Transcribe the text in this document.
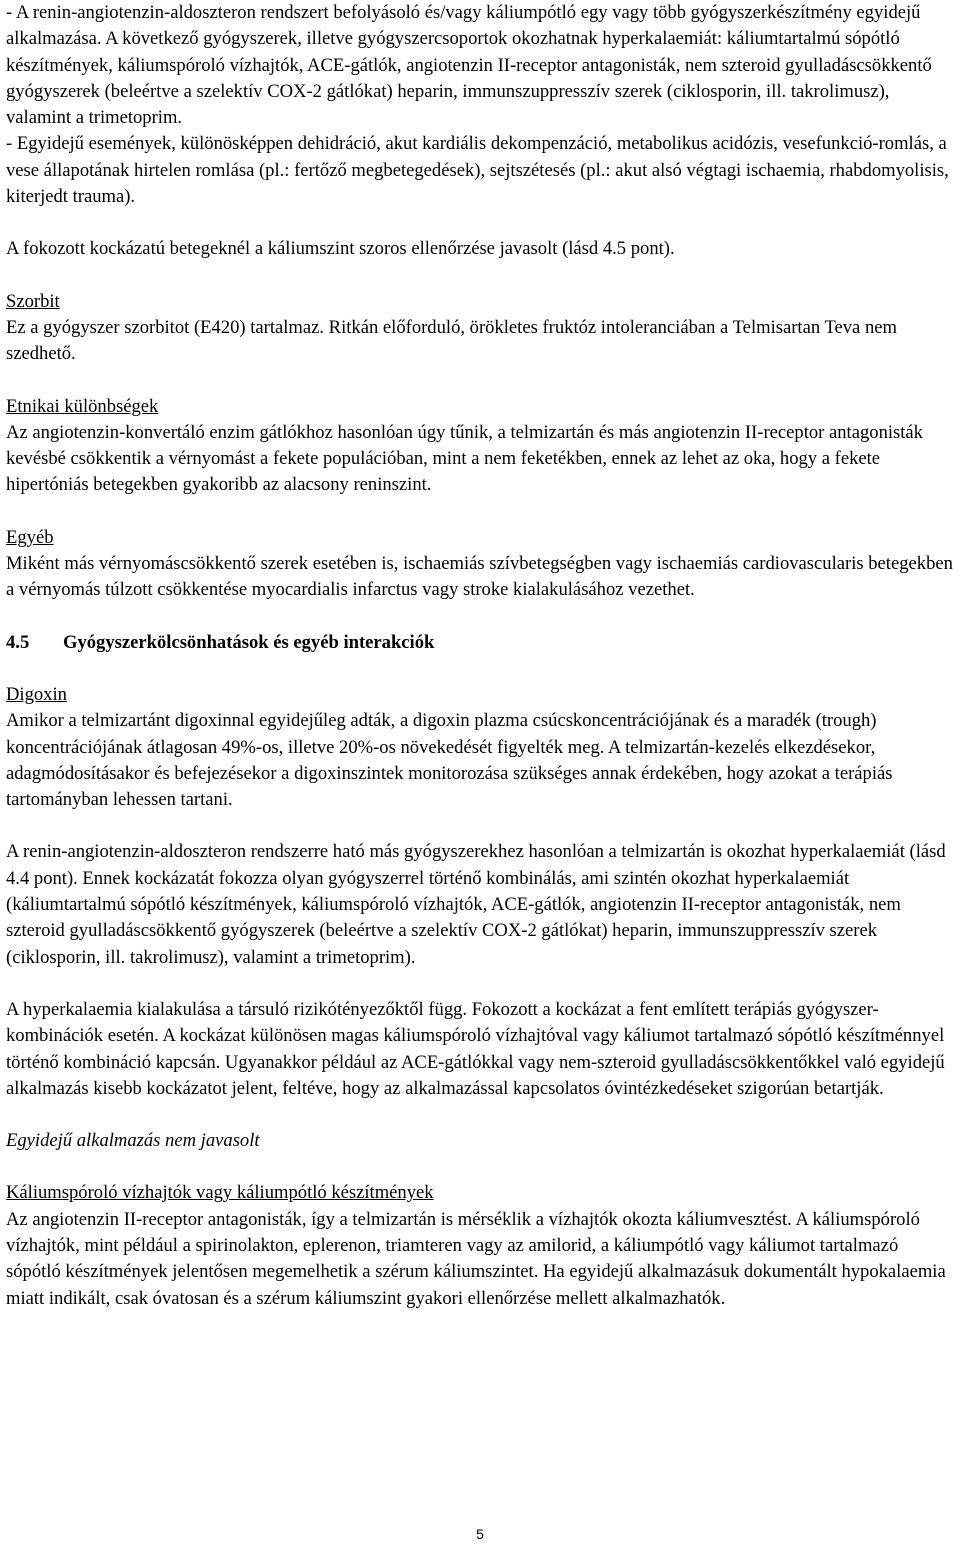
- A renin-angiotenzin-aldoszteron rendszert befolyásoló és/vagy káliumpótló egy vagy több gyógyszerkészítmény egyidejű alkalmazása. A következő gyógyszerek, illetve gyógyszercsoportok okozhatnak hyperkalaemiát: káliumtartalmú sópótló készítmények, káliumspóroló vízhajtók, ACE-gátlók, angiotenzin II-receptor antagonisták, nem szteroid gyulladáscsökkentő gyógyszerek (beleértve a szelektív COX-2 gátlókat) heparin, immunszuppresszív szerek (ciklosporin, ill. takrolimusz), valamint a trimetoprim.

- Egyidejű események, különösképpen dehidráció, akut kardiális dekompenzáció, metabolikus acidózis, vesefunkció-romlás, a vese állapotának hirtelen romlása (pl.: fertőző megbetegedések), sejtszétesés (pl.: akut alsó végtagi ischaemia, rhabdomyolisis, kiterjedt trauma).

A fokozott kockázatú betegeknél a káliumszint szoros ellenőrzése javasolt (lásd 4.5 pont).

Szorbit

Ez a gyógyszer szorbitot (E420) tartalmaz. Ritkán előforduló, örökletes fruktóz intoleranciában a Telmisartan Teva nem szedhető.

Etnikai különbségek

Az angiotenzin-konvertáló enzim gátlókhoz hasonlóan úgy tűnik, a telmizartán és más angiotenzin II-receptor antagonisták kevésbé csökkentik a vérnyomást a fekete populációban, mint a nem feketékben, ennek az lehet az oka, hogy a fekete hipertóniás betegekben gyakoribb az alacsony reninszint.

Egyéb

Miként más vérnyomáscsökkentő szerek esetében is, ischaemiás szívbetegségben vagy ischaemiás cardiovascularis betegekben a vérnyomás túlzott csökkentése myocardialis infarctus vagy stroke kialakulásához vezethet.

4.5 Gyógyszerkölcsönhatások és egyéb interakciók

Digoxin

Amikor a telmizartánt digoxinnal egyidejűleg adták, a digoxin plazma csúcskoncentrációjának és a maradék (trough) koncentrációjának átlagosan 49%-os, illetve 20%-os növekedését figyelték meg. A telmizartán-kezelés elkezdésekor, adagmódosításakor és befejezésekor a digoxinszintek monitorozása szükséges annak érdekében, hogy azokat a terápiás tartományban lehessen tartani.

A renin-angiotenzin-aldoszteron rendszerre ható más gyógyszerekhez hasonlóan a telmizartán is okozhat hyperkalaemiát (lásd 4.4 pont). Ennek kockázatát fokozza olyan gyógyszerrel történő kombinálás, ami szintén okozhat hyperkalaemiát (káliumtartalmú sópótló készítmények, káliumspóroló vízhajtók, ACE-gátlók, angiotenzin II-receptor antagonisták, nem szteroid gyulladáscsökkentő gyógyszerek (beleértve a szelektív COX-2 gátlókat) heparin, immunszuppresszív szerek (ciklosporin, ill. takrolimusz), valamint a trimetoprim).

A hyperkalaemia kialakulása a társuló rizikótényezőktől függ. Fokozott a kockázat a fent említett terápiás gyógyszer-kombinációk esetén. A kockázat különösen magas káliumspóroló vízhajtóval vagy káliumot tartalmazó sópótló készítménnyel történő kombináció kapcsán. Ugyanakkor például az ACE-gátlókkal vagy nem-szteroid gyulladáscsökkentőkkel való egyidejű alkalmazás kisebb kockázatot jelent, feltéve, hogy az alkalmazással kapcsolatos óvintézkedéseket szigorúan betartják.

Egyidejű alkalmazás nem javasolt

Káliumspóroló vízhajtók vagy káliumpótló készítmények

Az angiotenzin II-receptor antagonisták, így a telmizartán is mérséklik a vízhajtók okozta káliumvesztést. A káliumspóroló vízhajtók, mint például a spirinolakton, eplerenon, triamteren vagy az amilorid, a káliumpótló vagy káliumot tartalmazó sópótló készítmények jelentősen megemelhetik a szérum káliumszintet. Ha egyidejű alkalmazásuk dokumentált hypokalaemia miatt indikált, csak óvatosan és a szérum káliumszint gyakori ellenőrzése mellett alkalmazhatók.

5
